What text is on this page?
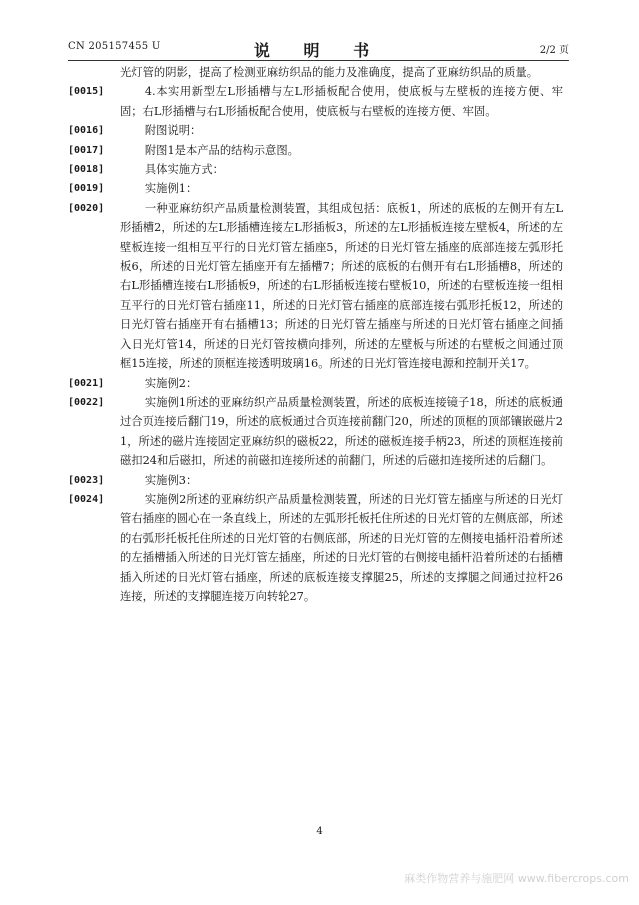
CN 205157455 U	说 明 书	2/2 页
光灯管的阴影，提高了检测亚麻纺织品的能力及准确度，提高了亚麻纺织品的质量。
[0015]	4.本实用新型左L形插槽与左L形插板配合使用，使底板与左壁板的连接方便、牢固；右L形插槽与右L形插板配合使用，使底板与右壁板的连接方便、牢固。
[0016]	附图说明：
[0017]	附图1是本产品的结构示意图。
[0018]	具体实施方式：
[0019]	实施例1：
[0020]	一种亚麻纺织产品质量检测装置，其组成包括：底板1，所述的底板的左侧开有左L形插槽2，所述的左L形插槽连接左L形插板3，所述的左L形插板连接左壁板4，所述的左壁板连接一组相互平行的日光灯管左插座5，所述的日光灯管左插座的底部连接左弧形托板6，所述的日光灯管左插座开有左插槽7；所述的底板的右侧开有右L形插槽8，所述的右L形插槽连接右L形插板9，所述的右L形插板连接右壁板10，所述的右壁板连接一组相互平行的日光灯管右插座11，所述的日光灯管右插座的底部连接右弧形托板12，所述的日光灯管右插座开有右插槽13；所述的日光灯管左插座与所述的日光灯管右插座之间插入日光灯管14，所述的日光灯管按横向排列，所述的左壁板与所述的右壁板之间通过顶框15连接，所述的顶框连接透明玻璃16。所述的日光灯管连接电源和控制开关17。
[0021]	实施例2：
[0022]	实施例1所述的亚麻纺织产品质量检测装置，所述的底板连接镜子18，所述的底板通过合页连接后翻门19，所述的底板通过合页连接前翻门20，所述的顶框的顶部镶嵌磁片21，所述的磁片连接固定亚麻纺织的磁板22，所述的磁板连接手柄23，所述的顶框连接前磁扣24和后磁扣，所述的前磁扣连接所述的前翻门，所述的后磁扣连接所述的后翻门。
[0023]	实施例3：
[0024]	实施例2所述的亚麻纺织产品质量检测装置，所述的日光灯管左插座与所述的日光灯管右插座的圆心在一条直线上，所述的左弧形托板托住所述的日光灯管的左侧底部，所述的右弧形托板托住所述的日光灯管的右侧底部，所述的日光灯管的左侧接电插杆沿着所述的左插槽插入所述的日光灯管左插座，所述的日光灯管的右侧接电插杆沿着所述的右插槽插入所述的日光灯管右插座，所述的底板连接支撑腿25，所述的支撑腿之间通过拉杆26连接，所述的支撑腿连接万向转轮27。
4
麻类作物营养与施肥网 www.fibercrops.com
